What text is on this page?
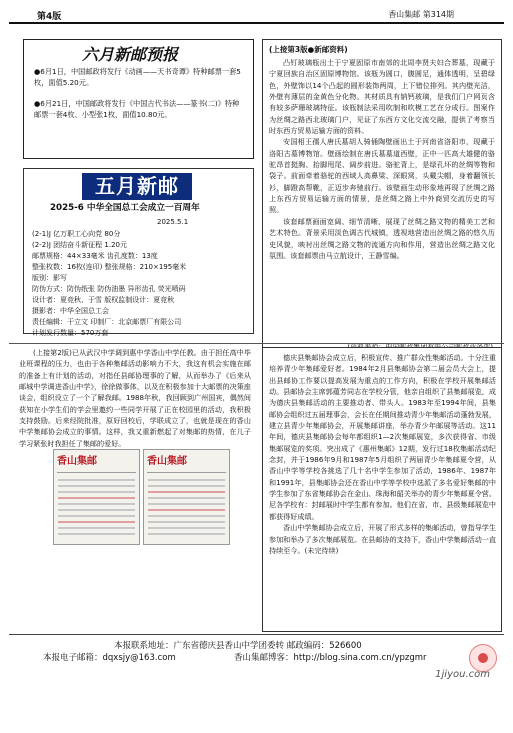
第4版	香山集邮 第314期
六月新邮预报
●6月1日，中国邮政将发行《动画——天书奇谭》特种邮票一套5枚，面值5.20元。
●6月21日，中国邮政将发行《中国古代书法——篆书(二)》特种邮票一套4枚、小型张1枚，面值10.80元。
五月新邮
2025-6 中华全国总工会成立一百周年
2025.5.1
(2-1)J 亿万职工心向党 80分
(2-2)J 团结奋斗新征程 1.20元
邮票规格：44×33毫米 齿孔度数：13度
整张枚数：16枚(连印) 整张规格：210×195毫米
版别：影写
防伪方式：防伪纸张 防伪油墨 异形齿孔 荧光喷码
设计者：夏竞秋、于雪 版权监制设计：夏竞秋
摄影者：中华全国总工会
责任编辑：干立文 印制厂：北京邮票厂有限公司
计划发行数量：570万套
(上接第3版●新邮资料)
凸钉玻璃瓶出土于宁夏固原市南郊的北周李贤夫妇合葬墓，现藏于宁夏回族自治区固原博物馆。该瓶为圆口，腹圆足，通体透明，呈碧绿色，外壁饰以14个凸起的圆形装饰两周，上下错位排列。其内壁光洁，外壁有薄层的金黄色分化物。其材质具有钠钙玻璃，是我们门户网页含有较多萨珊玻璃特征。该瓶制法采用吹制和吹模工艺在分成行。图案作为丝绸之路西北玻璃门户，见证了东西方文化交流交融，提供了考察当时东西方贸易运输方面的资料。
安国相王孺人唐氏墓胡人骑俑陶壁画出土于河南省洛阳市，现藏于洛阳古墓博物馆。壁画绘制在唐氏墓墓道西壁，正中一匹高大雄健的骆驼昂首挺胸、抬脚甩尾、阔步前进。骆驼背上，是绿孔坏的丝绸等物和袋子。前面牵着骆驼的西域人高鼻梁、深眼窝，头戴尖帽，身着翻领长衫，脚蹬高帮靴，正迈步奔驰前行。该壁画生动形象地再现了丝绸之路上东西方贸易运输方面的情景，是丝绸之路上中外商贸交流历史的写照。
该套邮票画面宽阔、细节清晰，展现了丝绸之路文物的精美工艺和艺术特色。背景采用淡色调古代城镇，透视地营造出丝绸之路的悠久历史风貌，映衬出丝绸之路文物的流通方向和作用，营造出丝绸之路文化氛围。该套邮票由马立航设计，王静雪编。
(上接第2版)已从武汉中学调到惠中学香山中学任教。由于担任高中毕业班课程的压力，也由于各种集邮活动影响力不大，我这有机会实施在邮的准备上有计划的活动，对指任县邮协理事的了解，从而举办了《后来从邮城中学调进香山中学》，徐徐做事体，以及在积极参加十大邮票的决策座谈会，组织设立了一个了解我邮。1988年秋，我回顾到广州国宾，偶然间获知在小学生们的学会里邀约一些同学开展了正在校园里的活动，我积极支持鼓励。后来经院批准，原好回校后，学联成立了，也就是现在的香山中学集邮协会成立的事情。这样，我又重新燃起了对集邮的热情，在儿子学习紧张时我担任了集邮的爱好。
香山集邮	香山集邮
德庆县集邮协会成立后，积极宣传、推广群众性集邮活动。十分注重培养青少年集邮爱好者。1984年2月县集邮协会第二届会员大会上，提出县邮协工作要以提高发展为重点的工作方向，积极在学校开展集邮活动。县邮协会主席郭蕴芳同志在学校分管，他亲自组织了县集邮展览，成为德庆县集邮活动的主要推动者、带头人。1983年至1994年间，县集邮协会组织过五届理事会，会长在任期间推动青少年集邮活动蓬勃发展，建立县青少年集邮协会，开展集邮讲座，举办青少年邮展等活动。这11年间，德庆县集邮协会每年都组织1—2次集邮展览，多次获得省、市级集邮展览的奖项。突出成了《惠州集邮》12期，发行过18枚集邮活动纪念封，并于1986年9月和1987年5月组织了两届青少年集邮夏令营，从香山中学等学校各挑选了几十名中学生参加了活动，1986年、1987年和1991年，县集邮协会还在香山中学等学校中选派了多名爱好集邮的中学生参加了东省集邮协会在金山、珠海和韶关举办的青少年集邮夏令营。尼各学校有：封邮展时中学生都有参加。他们在省、市、县级集邮展览中都获得好成绩。
香山中学集邮协会成立后，开展了形式多样的集邮活动，曾指导学生参加和举办了多次集邮展览。在县邮协的支持下，香山中学集邮活动一直持续至今。(未完待续)
本报联系地址：广东省德庆县香山中学团委转 邮政编码：526600
本报电子邮箱：dqxsjy@163.com	香山集邮博客：http://blog.sina.com.cn/ypzgmr
1jiyou.com
